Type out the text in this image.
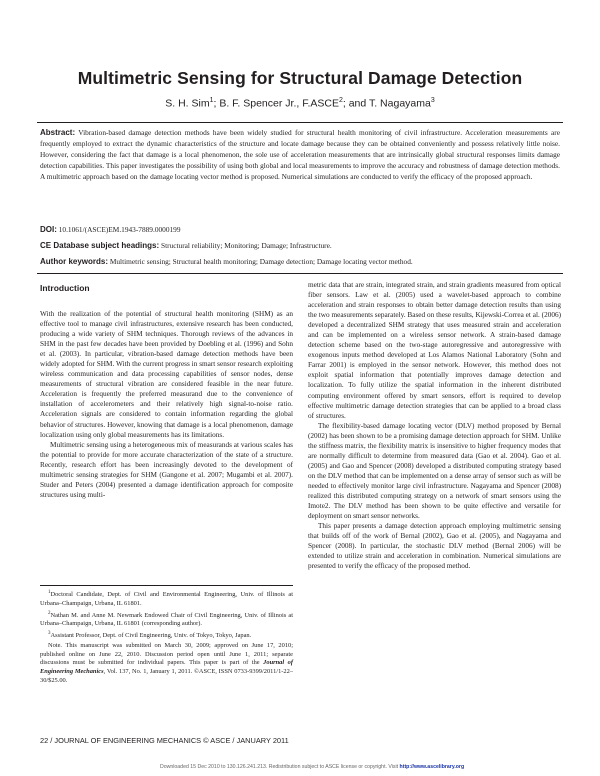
Multimetric Sensing for Structural Damage Detection
S. H. Sim$^1$; B. F. Spencer Jr., F.ASCE$^2$; and T. Nagayama$^3$
Abstract: Vibration-based damage detection methods have been widely studied for structural health monitoring of civil infrastructure. Acceleration measurements are frequently employed to extract the dynamic characteristics of the structure and locate damage because they can be obtained conveniently and possess relatively little noise. However, considering the fact that damage is a local phenomenon, the sole use of acceleration measurements that are intrinsically global structural responses limits damage detection capabilities. This paper investigates the possibility of using both global and local measurements to improve the accuracy and robustness of damage detection methods. A multimetric approach based on the damage locating vector method is proposed. Numerical simulations are conducted to verify the efficacy of the proposed approach.
DOI: 10.1061/(ASCE)EM.1943-7889.0000199
CE Database subject headings: Structural reliability; Monitoring; Damage; Infrastructure.
Author keywords: Multimetric sensing; Structural health monitoring; Damage detection; Damage locating vector method.
Introduction

With the realization of the potential of structural health monitoring (SHM) as an effective tool to manage civil infrastructures, extensive research has been conducted, producing a wide variety of SHM techniques. Thorough reviews of the advances in SHM in the past few decades have been provided by Doebling et al. (1996) and Sohn et al. (2003). In particular, vibration-based damage detection methods have been widely adopted for SHM. With the current progress in smart sensor research exploiting wireless communication and data processing capabilities of sensor nodes, dense measurements of structural vibration are considered feasible in the near future. Acceleration is frequently the preferred measurand due to the convenience of installation of accelerometers and their relatively high signal-to-noise ratio. Acceleration signals are considered to contain information regarding the global behavior of structures. However, knowing that damage is a local phenomenon, damage localization using only global measurements has its limitations.

Multimetric sensing using a heterogeneous mix of measurands at various scales has the potential to provide for more accurate characterization of the state of a structure. Recently, research effort has been increasingly devoted to the development of multimetric sensing strategies for SHM (Gangone et al. 2007; Mugambi et al. 2007). Studer and Peters (2004) presented a damage identification approach for composite structures using multi-

metric data that are strain, integrated strain, and strain gradients measured from optical fiber sensors. Law et al. (2005) used a wavelet-based approach to combine acceleration and strain responses to obtain better damage detection results than using the two measurements separately. Based on these results, Kijewski-Correa et al. (2006) developed a decentralized SHM strategy that uses measured strain and acceleration and can be implemented on a wireless sensor network. A strain-based damage detection scheme based on the two-stage autoregressive and autoregressive with exogenous inputs method developed at Los Alamos National Laboratory (Sohn and Farrar 2001) is employed in the sensor network. However, this method does not exploit spatial information that potentially improves damage detection and localization. To fully utilize the spatial information in the inherent distributed computing environment offered by smart sensors, effort is required to develop effective multimetric damage detection strategies that can be applied to a broad class of structures.

The flexibility-based damage locating vector (DLV) method proposed by Bernal (2002) has been shown to be a promising damage detection approach for SHM. Unlike the stiffness matrix, the flexibility matrix is insensitive to higher frequency modes that are normally difficult to determine from measured data (Gao et al. 2004). Gao et al. (2005) and Gao and Spencer (2008) developed a distributed computing strategy based on the DLV method that can be implemented on a dense array of sensor such as will be needed to effectively monitor large civil infrastructure. Nagayama and Spencer (2008) realized this distributed computing strategy on a network of smart sensors using the Imote2. The DLV method has been shown to be quite effective and versatile for deployment on smart sensor networks.

This paper presents a damage detection approach employing multimetric sensing that builds off of the work of Bernal (2002), Gao et al. (2005), and Nagayama and Spencer (2008). In particular, the stochastic DLV method (Bernal 2006) will be extended to utilize strain and acceleration in combination. Numerical simulations are presented to verify the efficacy of the proposed method.

$^1$Doctoral Candidate, Dept. of Civil and Environmental Engineering, Univ. of Illinois at Urbana–Champaign, Urbana, IL 61801.

$^2$Nathan M. and Anne M. Newmark Endowed Chair of Civil Engineering, Univ. of Illinois at Urbana–Champaign, Urbana, IL 61801 (corresponding author).

$^3$Assistant Professor, Dept. of Civil Engineering, Univ. of Tokyo, Tokyo, Japan.

Note. This manuscript was submitted on March 30, 2009; approved on June 17, 2010; published online on June 22, 2010. Discussion period open until June 1, 2011; separate discussions must be submitted for individual papers. This paper is part of the Journal of Engineering Mechanics, Vol. 137, No. 1, January 1, 2011. ©ASCE, ISSN 0733-9399/2011/1-22–30/$25.00.

22 / JOURNAL OF ENGINEERING MECHANICS © ASCE / JANUARY 2011
Downloaded 15 Dec 2010 to 130.126.241.213. Redistribution subject to ASCE license or copyright. Visit http://www.ascelibrary.org
